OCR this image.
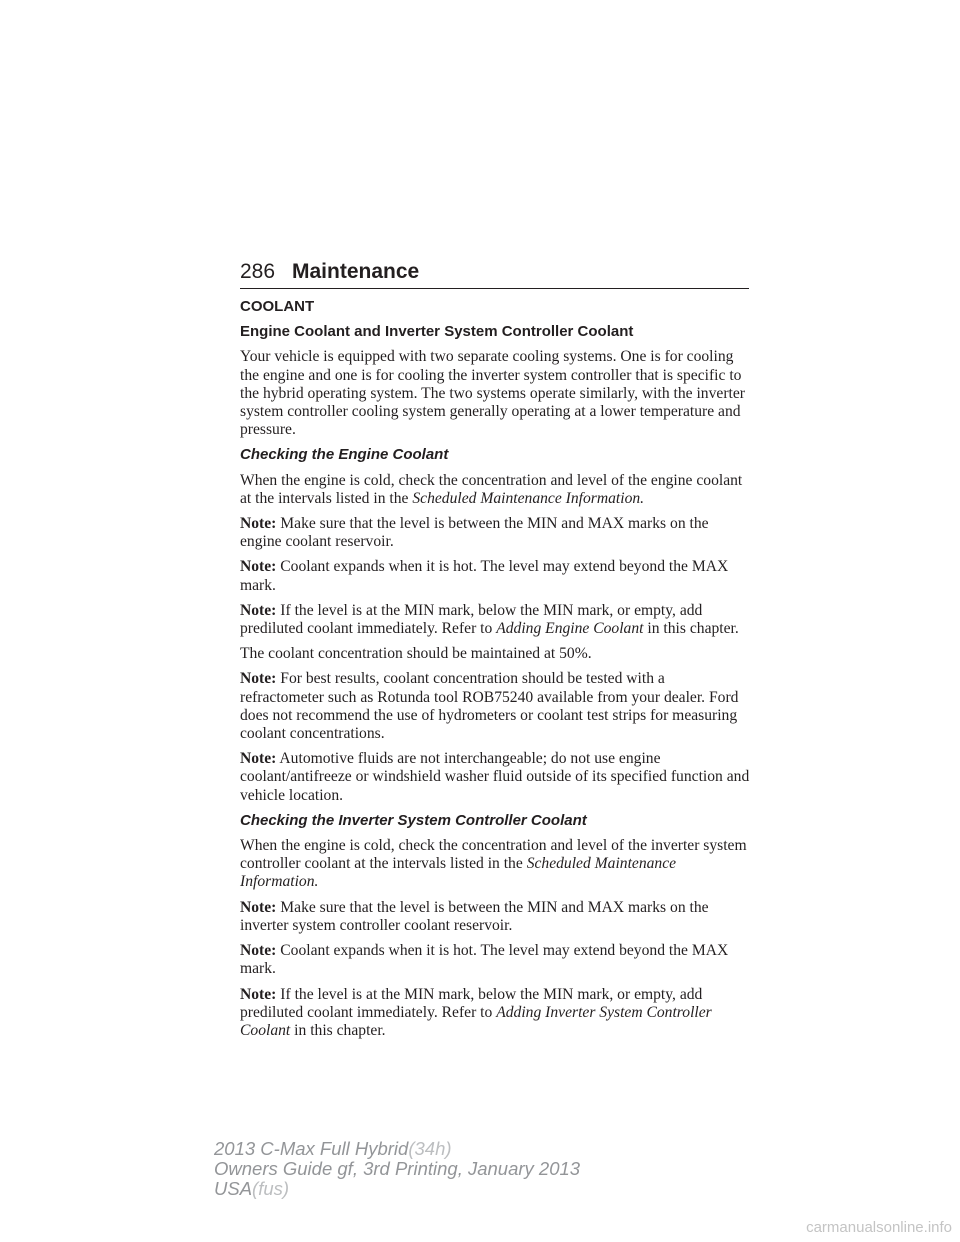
286 Maintenance

COOLANT

Engine Coolant and Inverter System Controller Coolant

Your vehicle is equipped with two separate cooling systems. One is for cooling the engine and one is for cooling the inverter system controller that is specific to the hybrid operating system. The two systems operate similarly, with the inverter system controller cooling system generally operating at a lower temperature and pressure.

Checking the Engine Coolant

When the engine is cold, check the concentration and level of the engine coolant at the intervals listed in the Scheduled Maintenance Information.

Note: Make sure that the level is between the MIN and MAX marks on the engine coolant reservoir.

Note: Coolant expands when it is hot. The level may extend beyond the MAX mark.

Note: If the level is at the MIN mark, below the MIN mark, or empty, add prediluted coolant immediately. Refer to Adding Engine Coolant in this chapter.

The coolant concentration should be maintained at 50%.

Note: For best results, coolant concentration should be tested with a refractometer such as Rotunda tool ROB75240 available from your dealer. Ford does not recommend the use of hydrometers or coolant test strips for measuring coolant concentrations.

Note: Automotive fluids are not interchangeable; do not use engine coolant/antifreeze or windshield washer fluid outside of its specified function and vehicle location.

Checking the Inverter System Controller Coolant

When the engine is cold, check the concentration and level of the inverter system controller coolant at the intervals listed in the Scheduled Maintenance Information.

Note: Make sure that the level is between the MIN and MAX marks on the inverter system controller coolant reservoir.

Note: Coolant expands when it is hot. The level may extend beyond the MAX mark.

Note: If the level is at the MIN mark, below the MIN mark, or empty, add prediluted coolant immediately. Refer to Adding Inverter System Controller Coolant in this chapter.

2013 C-Max Full Hybrid(34h)
Owners Guide gf, 3rd Printing, January 2013
USA(fus)
carmanualsonline.info
